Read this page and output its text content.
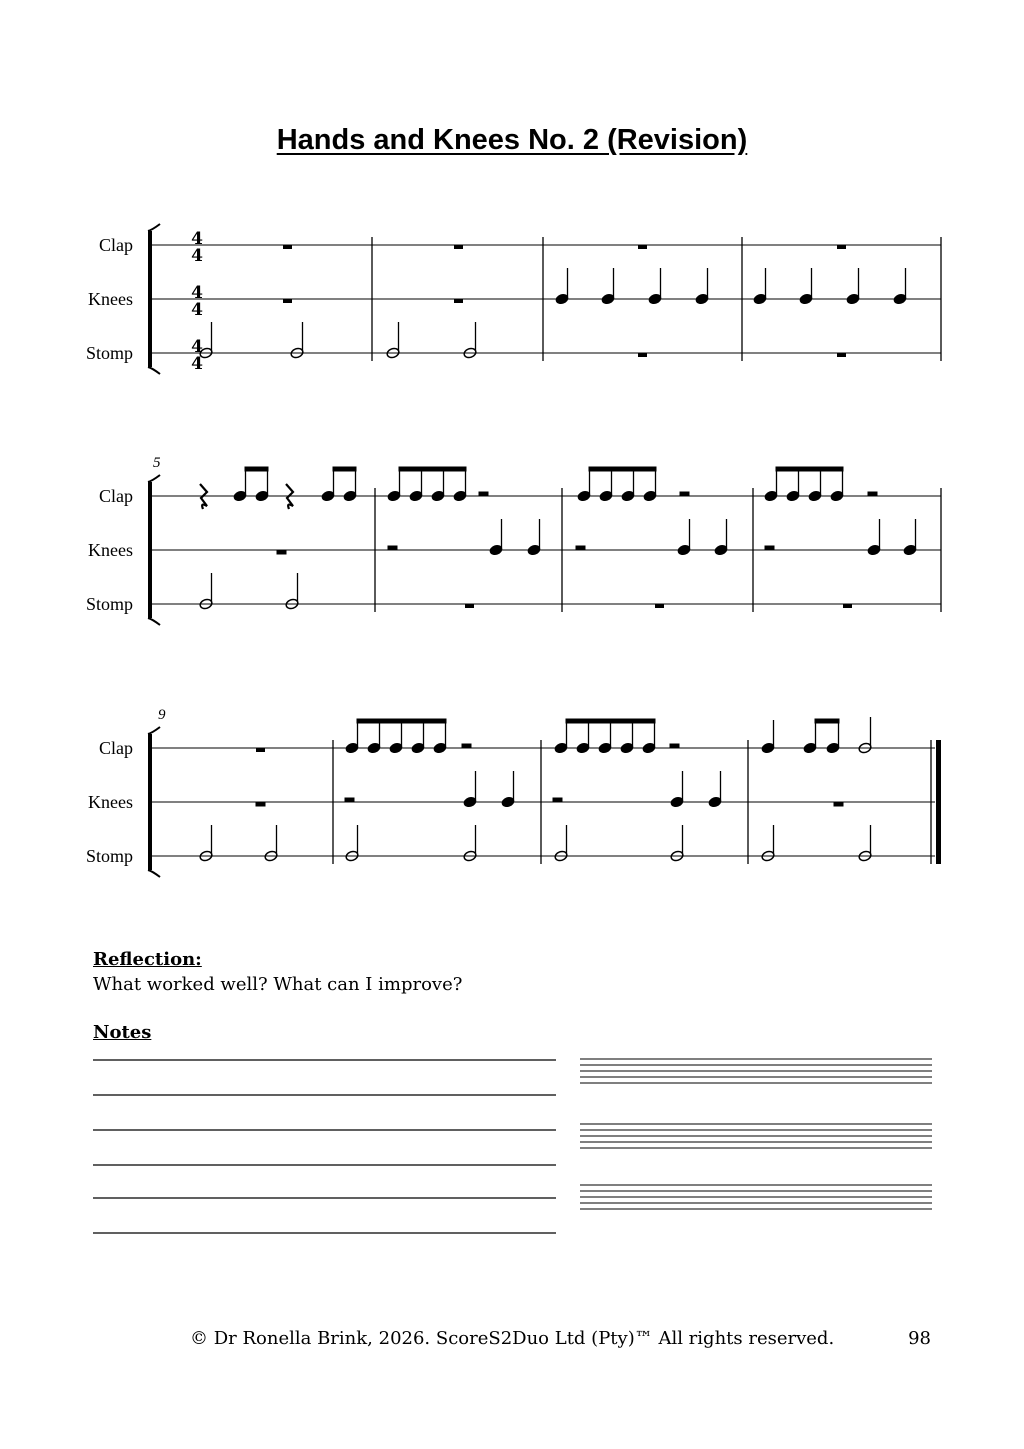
Hands and Knees No. 2 (Revision)
Clap
Knees
Stomp
4
4
4
4
4
4
5
Clap
Knees
Stomp
9
Clap
Knees
Stomp
Reflection:
What worked well? What can I improve?
Notes
© Dr Ronella Brink, 2026. ScoreS2Duo Ltd (Pty)™ All rights reserved.	98
